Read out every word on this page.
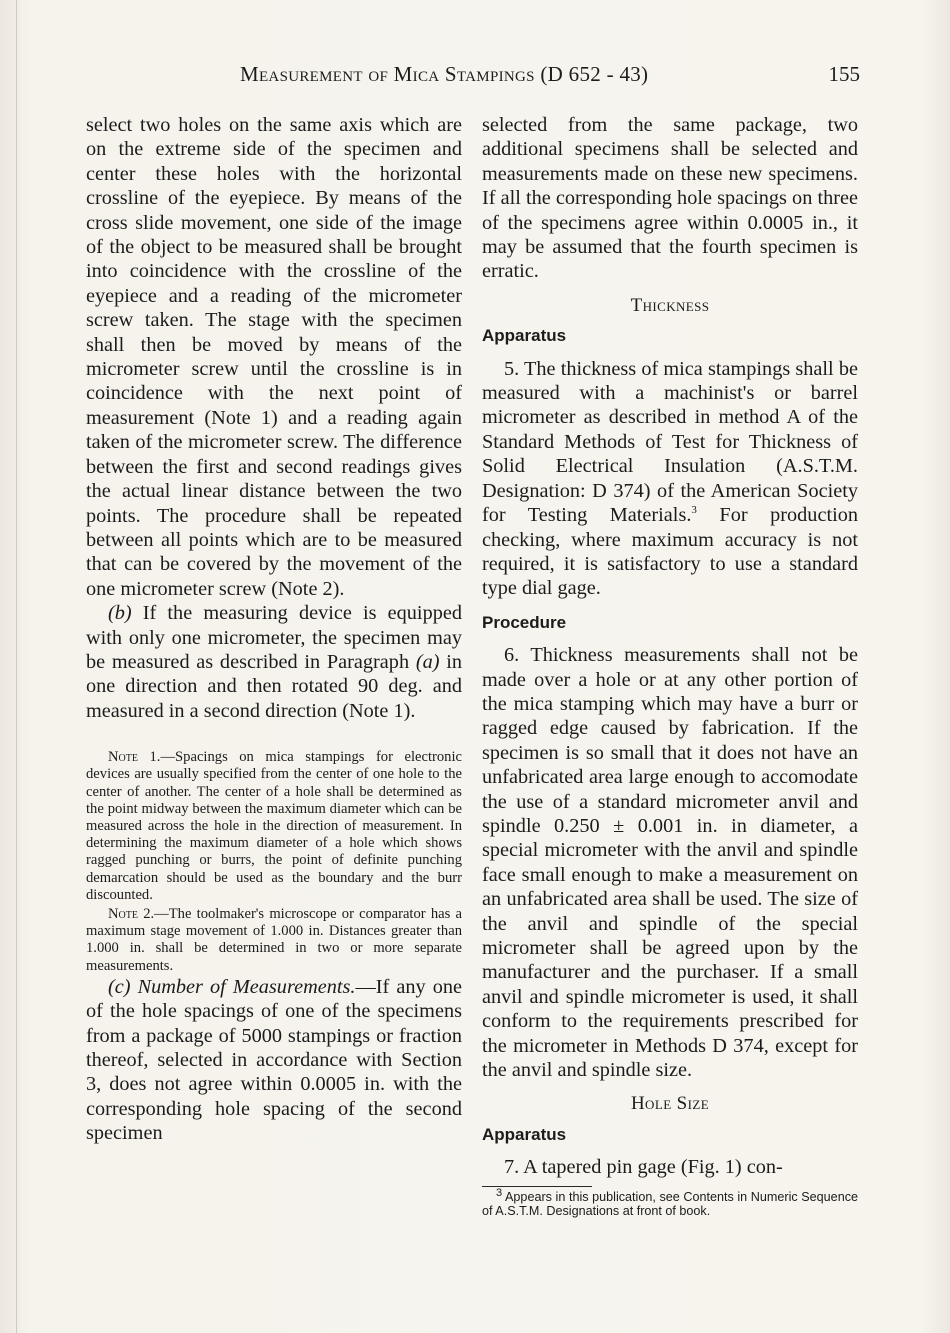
Measurement of Mica Stampings (D 652 - 43)	155

select two holes on the same axis which are on the extreme side of the specimen and center these holes with the horizontal crossline of the eyepiece. By means of the cross slide movement, one side of the image of the object to be measured shall be brought into coincidence with the crossline of the eyepiece and a reading of the micrometer screw taken. The stage with the specimen shall then be moved by means of the micrometer screw until the crossline is in coincidence with the next point of measurement (Note 1) and a reading again taken of the micrometer screw. The difference between the first and second readings gives the actual linear distance between the two points. The procedure shall be repeated between all points which are to be measured that can be covered by the movement of the one micrometer screw (Note 2).

(b) If the measuring device is equipped with only one micrometer, the specimen may be measured as described in Paragraph (a) in one direction and then rotated 90 deg. and measured in a second direction (Note 1).

Note 1.—Spacings on mica stampings for electronic devices are usually specified from the center of one hole to the center of another. The center of a hole shall be determined as the point midway between the maximum diameter which can be measured across the hole in the direction of measurement. In determining the maximum diameter of a hole which shows ragged punching or burrs, the point of definite punching demarcation should be used as the boundary and the burr discounted.

Note 2.—The toolmaker's microscope or comparator has a maximum stage movement of 1.000 in. Distances greater than 1.000 in. shall be determined in two or more separate measurements.

(c) Number of Measurements.—If any one of the hole spacings of one of the specimens from a package of 5000 stampings or fraction thereof, selected in accordance with Section 3, does not agree within 0.0005 in. with the corresponding hole spacing of the second specimen

selected from the same package, two additional specimens shall be selected and measurements made on these new specimens. If all the corresponding hole spacings on three of the specimens agree within 0.0005 in., it may be assumed that the fourth specimen is erratic.

Thickness
Apparatus

5. The thickness of mica stampings shall be measured with a machinist's or barrel micrometer as described in method A of the Standard Methods of Test for Thickness of Solid Electrical Insulation (A.S.T.M. Designation: D 374) of the American Society for Testing Materials.$^3$ For production checking, where maximum accuracy is not required, it is satisfactory to use a standard type dial gage.

Procedure

6. Thickness measurements shall not be made over a hole or at any other portion of the mica stamping which may have a burr or ragged edge caused by fabrication. If the specimen is so small that it does not have an unfabricated area large enough to accomodate the use of a standard micrometer anvil and spindle 0.250 ± 0.001 in. in diameter, a special micrometer with the anvil and spindle face small enough to make a measurement on an unfabricated area shall be used. The size of the anvil and spindle of the special micrometer shall be agreed upon by the manufacturer and the purchaser. If a small anvil and spindle micrometer is used, it shall conform to the requirements prescribed for the micrometer in Methods D 374, except for the anvil and spindle size.

Hole Size
Apparatus

7. A tapered pin gage (Fig. 1) con-

$^3$ Appears in this publication, see Contents in Numeric Sequence of A.S.T.M. Designations at front of book.
